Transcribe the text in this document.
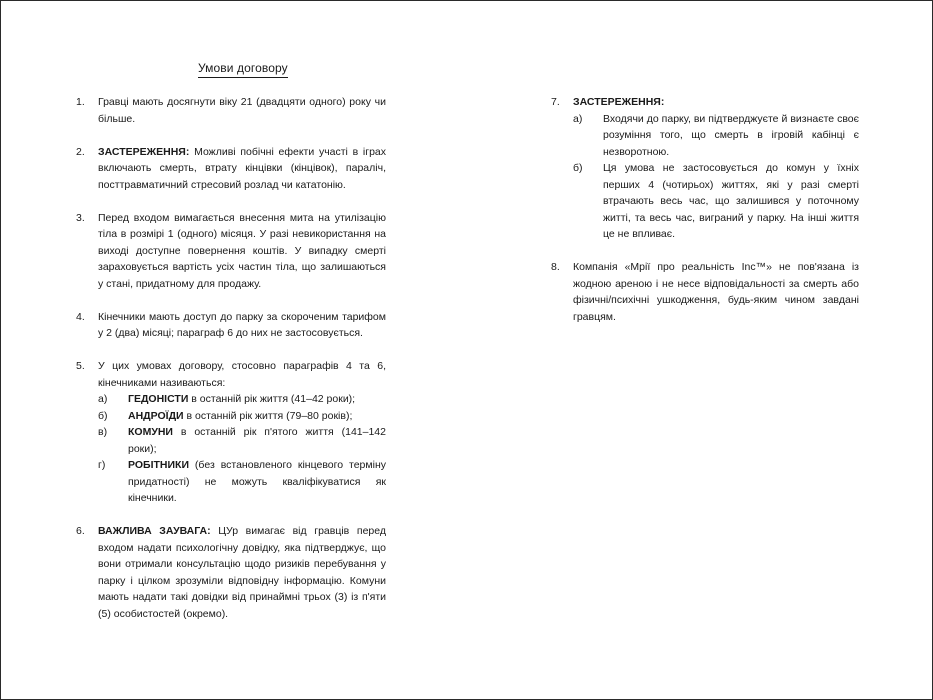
Умови договору
1. Гравці мають досягнути віку 21 (двадцяти одного) року чи більше.
2. ЗАСТЕРЕЖЕННЯ: Можливі побічні ефекти участі в іграх включають смерть, втрату кінцівки (кінцівок), параліч, посттравматичний стресовий розлад чи кататонію.
3. Перед входом вимагається внесення мита на утилізацію тіла в розмірі 1 (одного) місяця. У разі невикористання на виході доступне повернення коштів. У випадку смерті зараховується вартість усіх частин тіла, що залишаються у стані, придатному для продажу.
4. Кінечники мають доступ до парку за скороченим тарифом у 2 (два) місяці; параграф 6 до них не застосовується.
5. У цих умовах договору, стосовно параграфів 4 та 6, кінечниками називаються:
а) ГЕДОНІСТИ в останній рік життя (41–42 роки);
б) АНДРОЇДИ в останній рік життя (79–80 років);
в) КОМУНИ в останній рік п'ятого життя (141–142 роки);
г) РОБІТНИКИ (без встановленого кінцевого терміну придатності) не можуть кваліфікуватися як кінечники.
6. ВАЖЛИВА ЗАУВАГА: ЦУр вимагає від гравців перед входом надати психологічну довідку, яка підтверджує, що вони отримали консультацію щодо ризиків перебування у парку і цілком зрозуміли відповідну інформацію. Комуни мають надати такі довідки від принаймні трьох (3) із п'яти (5) особистостей (окремо).
7. ЗАСТЕРЕЖЕННЯ:
а) Входячи до парку, ви підтверджуєте й визнаєте своє розуміння того, що смерть в ігровій кабінці є незворотною.
б) Ця умова не застосовується до комун у їхніх перших 4 (чотирьох) життях, які у разі смерті втрачають весь час, що залишився у поточному житті, та весь час, виграний у парку. На інші життя це не впливає.
8. Компанія «Мрії про реальність Inc™» не пов'язана із жодною ареною і не несе відповідальності за смерть або фізичні/психічні ушкодження, будь-яким чином завдані гравцям.
